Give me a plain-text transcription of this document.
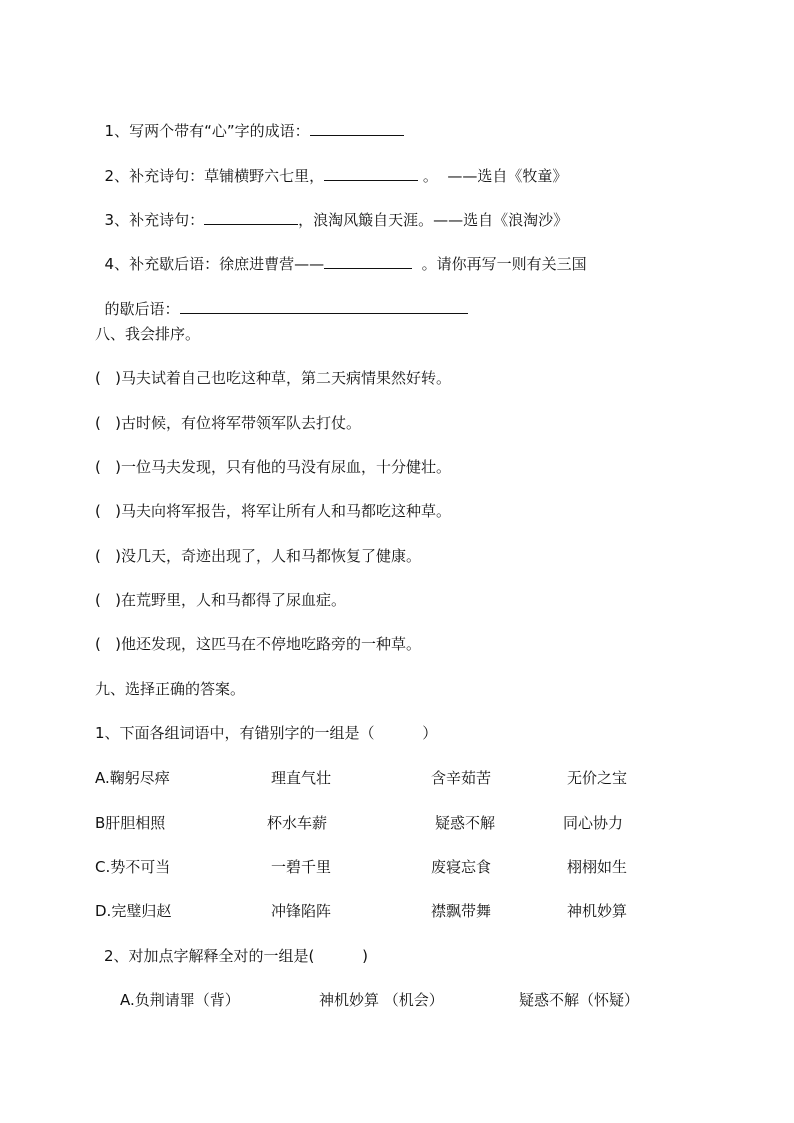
1、写两个带有“心”字的成语：

2、补充诗句：草铺横野六七里，	。  ——选自《牧童》

3、补充诗句：	，浪淘风簸自天涯。——选自《浪淘沙》

4、补充歇后语：徐庶进曹营——	。请你再写一则有关三国

的歇后语：

八、我会排序。
(   )马夫试着自己也吃这种草，第二天病情果然好转。
(   )古时候，有位将军带领军队去打仗。
(   )一位马夫发现，只有他的马没有尿血，十分健壮。
(   )马夫向将军报告，将军让所有人和马都吃这种草。
(   )没几天，奇迹出现了，人和马都恢复了健康。
(   )在荒野里，人和马都得了尿血症。
(   )他还发现，这匹马在不停地吃路旁的一种草。
九、选择正确的答案。
1、下面各组词语中，有错别字的一组是（          ）
A.鞠躬尽瘁	理直气壮	含辛茹苦	无价之宝
B肝胆相照	杯水车薪	疑惑不解	同心协力
C.势不可当	一碧千里	废寝忘食	栩栩如生
D.完璧归赵	冲锋陷阵	襟飘带舞	神机妙算
2、对加点字解释全对的一组是(          )
A.负荆请罪（背）	神机妙算 （机会）	疑惑不解（怀疑）
